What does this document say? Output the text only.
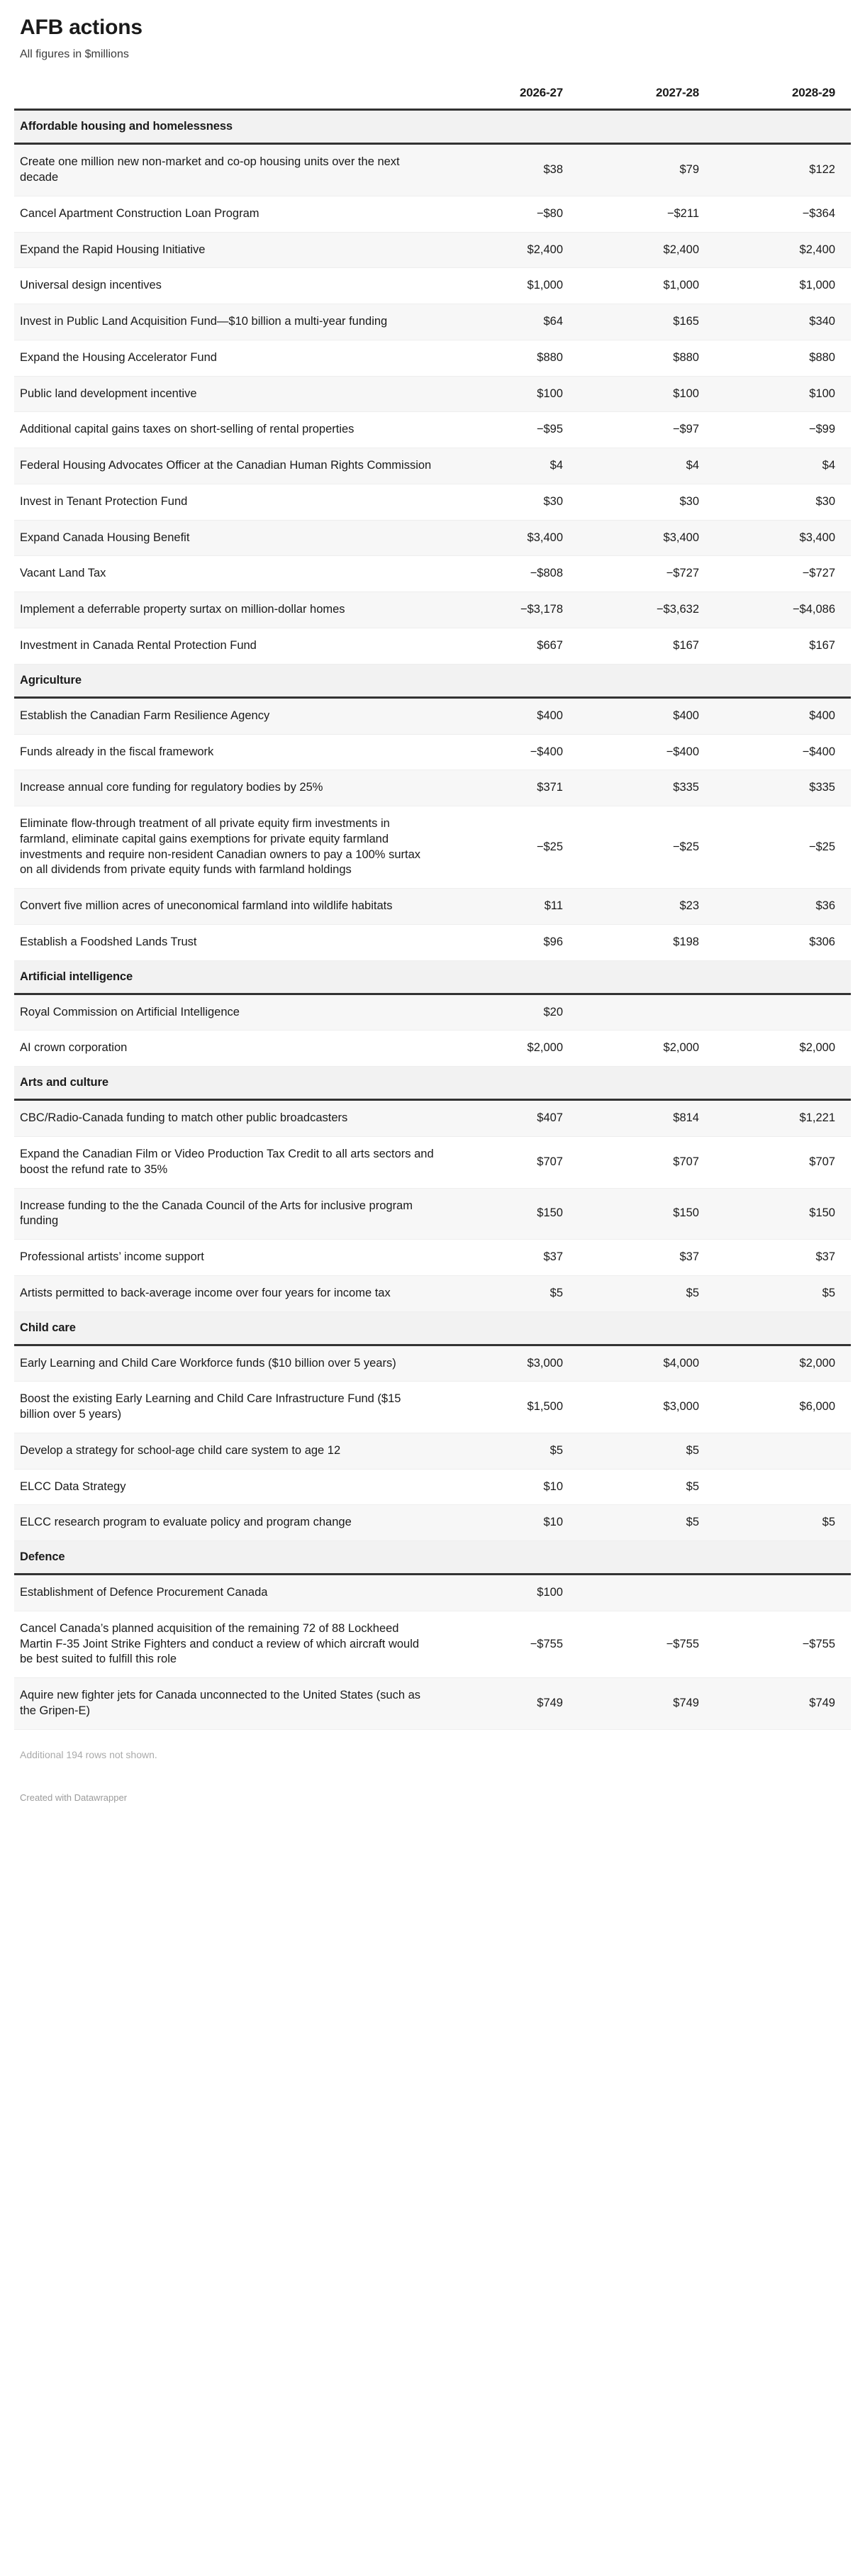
AFB actions
All figures in $millions
	2026-27	2027-28	2028-29
Affordable housing and homelessness			
Create one million new non-market and co-op housing units over the next decade	$38	$79	$122
Cancel Apartment Construction Loan Program	−$80	−$211	−$364
Expand the Rapid Housing Initiative	$2,400	$2,400	$2,400
Universal design incentives	$1,000	$1,000	$1,000
Invest in Public Land Acquisition Fund—$10 billion a multi-year funding	$64	$165	$340
Expand the Housing Accelerator Fund	$880	$880	$880
Public land development incentive	$100	$100	$100
Additional capital gains taxes on short-selling of rental properties	−$95	−$97	−$99
Federal Housing Advocates Officer at the Canadian Human Rights Commission	$4	$4	$4
Invest in Tenant Protection Fund	$30	$30	$30
Expand Canada Housing Benefit	$3,400	$3,400	$3,400
Vacant Land Tax	−$808	−$727	−$727
Implement a deferrable property surtax on million-dollar homes	−$3,178	−$3,632	−$4,086
Investment in Canada Rental Protection Fund	$667	$167	$167
Agriculture			
Establish the Canadian Farm Resilience Agency	$400	$400	$400
Funds already in the fiscal framework	−$400	−$400	−$400
Increase annual core funding for regulatory bodies by 25%	$371	$335	$335
Eliminate flow-through treatment of all private equity firm investments in farmland, eliminate capital gains exemptions for private equity farmland investments and require non-resident Canadian owners to pay a 100% surtax on all dividends from private equity funds with farmland holdings	−$25	−$25	−$25
Convert five million acres of uneconomical farmland into wildlife habitats	$11	$23	$36
Establish a Foodshed Lands Trust	$96	$198	$306
Artificial intelligence			
Royal Commission on Artificial Intelligence	$20		
AI crown corporation	$2,000	$2,000	$2,000
Arts and culture			
CBC/Radio-Canada funding to match other public broadcasters	$407	$814	$1,221
Expand the Canadian Film or Video Production Tax Credit to all arts sectors and boost the refund rate to 35%	$707	$707	$707
Increase funding to the the Canada Council of the Arts for inclusive program funding	$150	$150	$150
Professional artists’ income support	$37	$37	$37
Artists permitted to back-average income over four years for income tax	$5	$5	$5
Child care			
Early Learning and Child Care Workforce funds ($10 billion over 5 years)	$3,000	$4,000	$2,000
Boost the existing Early Learning and Child Care Infrastructure Fund ($15 billion over 5 years)	$1,500	$3,000	$6,000
Develop a strategy for school-age child care system to age 12	$5	$5	
ELCC Data Strategy	$10	$5	
ELCC research program to evaluate policy and program change	$10	$5	$5
Defence			
Establishment of Defence Procurement Canada	$100		
Cancel Canada’s planned acquisition of the remaining 72 of 88 Lockheed Martin F-35 Joint Strike Fighters and conduct a review of which aircraft would be best suited to fulfill this role	−$755	−$755	−$755
Aquire new fighter jets for Canada unconnected to the United States (such as the Gripen-E)	$749	$749	$749
Additional 194 rows not shown.
Created with Datawrapper
